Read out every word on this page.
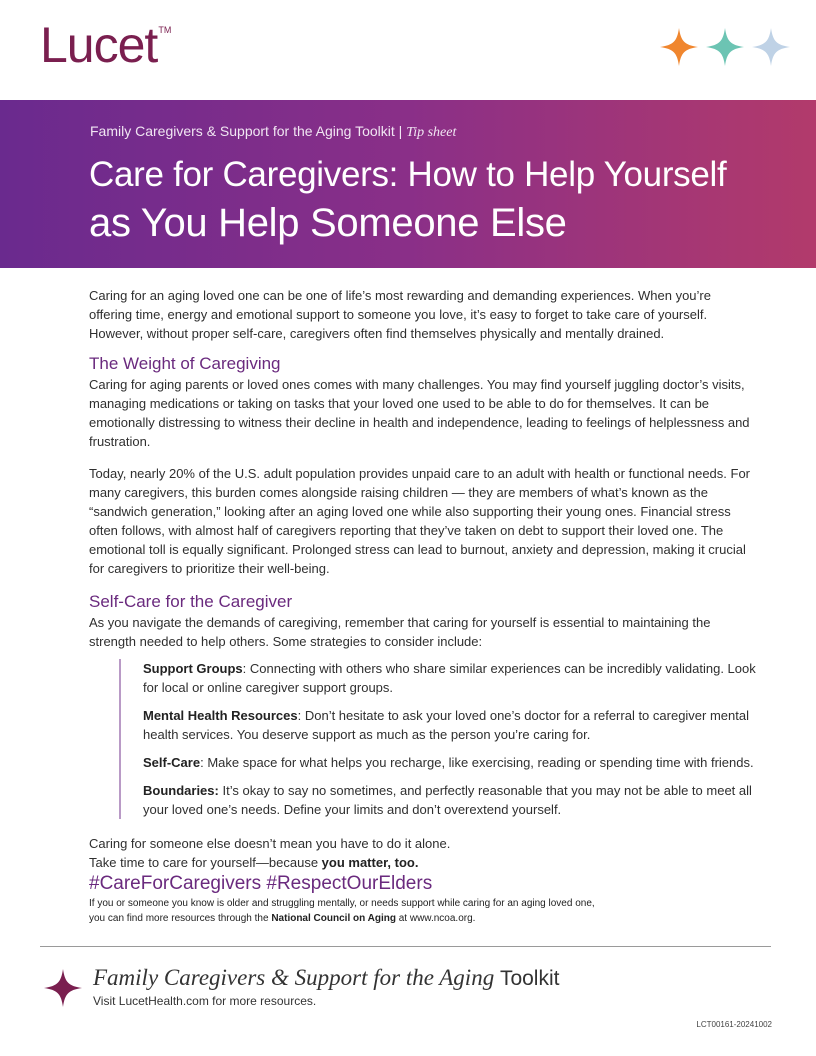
Lucet™
Family Caregivers & Support for the Aging Toolkit | Tip sheet
Care for Caregivers: How to Help Yourself
as You Help Someone Else

Caring for an aging loved one can be one of life’s most rewarding and demanding experiences. When you’re offering time, energy and emotional support to someone you love, it’s easy to forget to take care of yourself. However, without proper self-care, caregivers often find themselves physically and mentally drained.

The Weight of Caregiving

Caring for aging parents or loved ones comes with many challenges. You may find yourself juggling doctor’s visits, managing medications or taking on tasks that your loved one used to be able to do for themselves. It can be emotionally distressing to witness their decline in health and independence, leading to feelings of helplessness and frustration.

Today, nearly 20% of the U.S. adult population provides unpaid care to an adult with health or functional needs. For many caregivers, this burden comes alongside raising children — they are members of what’s known as the “sandwich generation,” looking after an aging loved one while also supporting their young ones. Financial stress often follows, with almost half of caregivers reporting that they’ve taken on debt to support their loved one. The emotional toll is equally significant. Prolonged stress can lead to burnout, anxiety and depression, making it crucial for caregivers to prioritize their well-being.

Self-Care for the Caregiver

As you navigate the demands of caregiving, remember that caring for yourself is essential to maintaining the strength needed to help others. Some strategies to consider include:

Support Groups: Connecting with others who share similar experiences can be incredibly validating. Look for local or online caregiver support groups.

Mental Health Resources: Don’t hesitate to ask your loved one’s doctor for a referral to caregiver mental health services. You deserve support as much as the person you’re caring for.

Self-Care: Make space for what helps you recharge, like exercising, reading or spending time with friends.

Boundaries: It’s okay to say no sometimes, and perfectly reasonable that you may not be able to meet all your loved one’s needs. Define your limits and don’t overextend yourself.

Caring for someone else doesn’t mean you have to do it alone.

Take time to care for yourself—because you matter, too.

#CareForCaregivers #RespectOurElders

If you or someone you know is older and struggling mentally, or needs support while caring for an aging loved one,

you can find more resources through the National Council on Aging at www.ncoa.org.

Family Caregivers & Support for the Aging Toolkit
Visit LucetHealth.com for more resources.
LCT00161-20241002
